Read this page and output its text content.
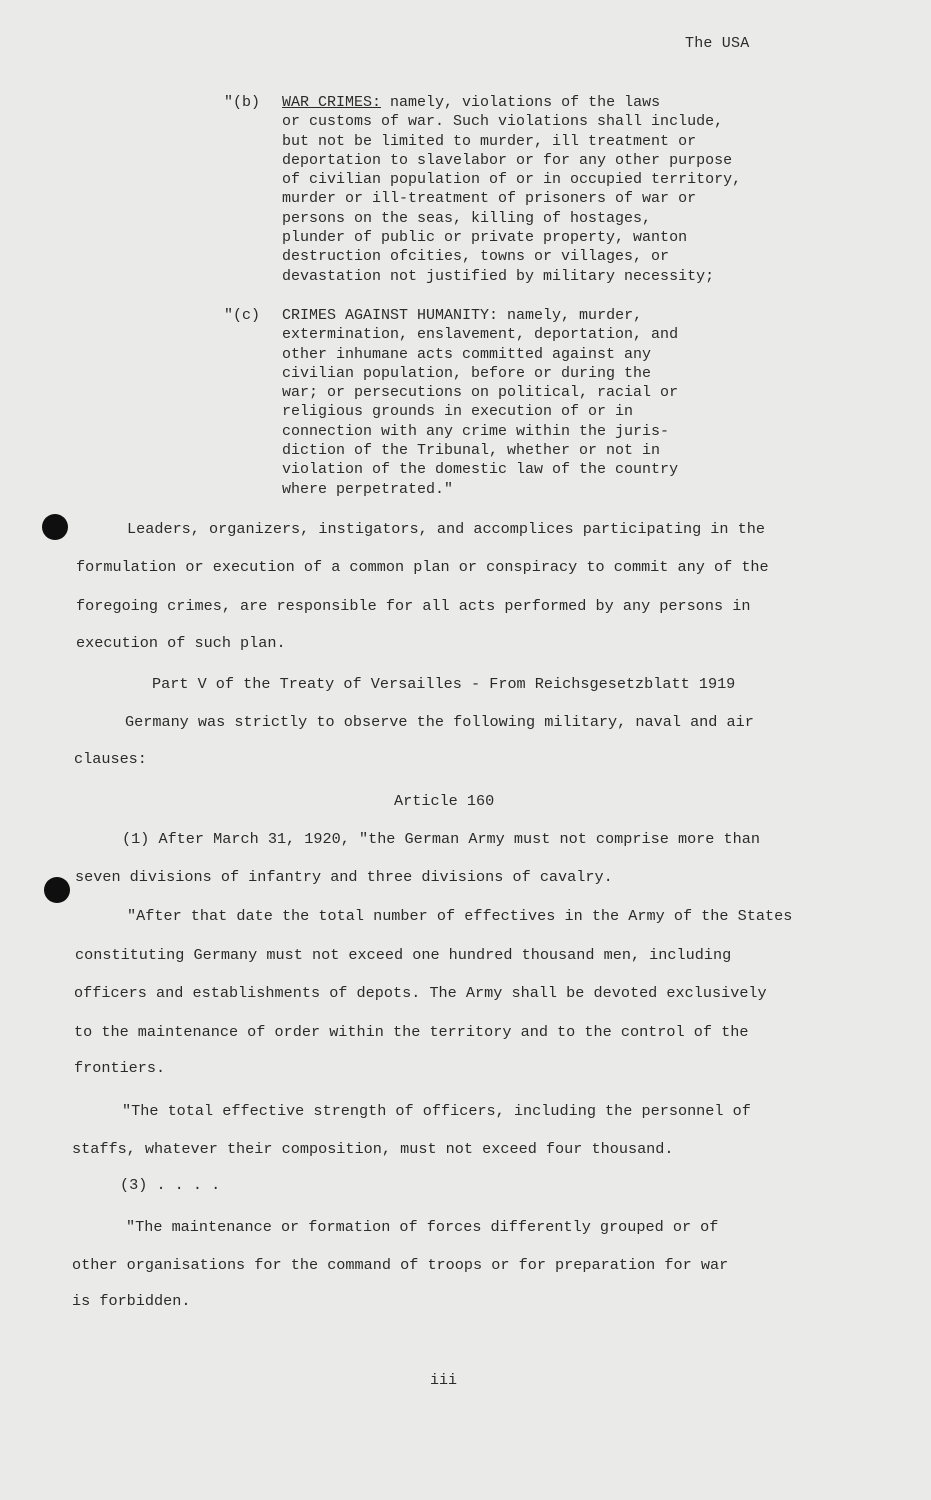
The USA
"(b)	WAR CRIMES: namely, violations of the laws
or customs of war. Such violations shall include,
but not be limited to murder, ill treatment or
deportation to slavelabor or for any other purpose
of civilian population of or in occupied territory,
murder or ill-treatment of prisoners of war or
persons on the seas, killing of hostages,
plunder of public or private property, wanton
destruction ofcities, towns or villages, or
devastation not justified by military necessity;
"(c)	CRIMES AGAINST HUMANITY: namely, murder,
extermination, enslavement, deportation, and
other inhumane acts committed against any
civilian population, before or during the
war; or persecutions on political, racial or
religious grounds in execution of or in
connection with any crime within the juris-
diction of the Tribunal, whether or not in
violation of the domestic law of the country
where perpetrated."
Leaders, organizers, instigators, and accomplices participating in the
formulation or execution of a common plan or conspiracy to commit any of the
foregoing crimes, are responsible for all acts performed by any persons in
execution of such plan.
Part V of the Treaty of Versailles - From Reichsgesetzblatt 1919
Germany was strictly to observe the following military, naval and air
clauses:
Article 160
(1) After March 31, 1920, "the German Army must not comprise more than
seven divisions of infantry and three divisions of cavalry.
"After that date the total number of effectives in the Army of the States
constituting Germany must not exceed one hundred thousand men, including
officers and establishments of depots. The Army shall be devoted exclusively
to the maintenance of order within the territory and to the control of the
frontiers.
"The total effective strength of officers, including the personnel of
staffs, whatever their composition, must not exceed four thousand.
(3) . . . .
"The maintenance or formation of forces differently grouped or of
other organisations for the command of troops or for preparation for war
is forbidden.
iii
